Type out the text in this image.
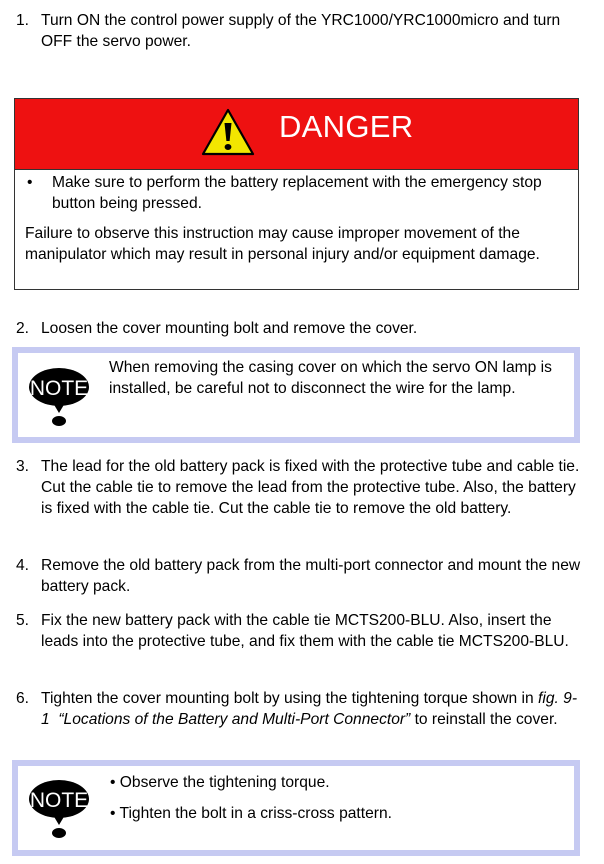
1. Turn ON the control power supply of the YRC1000/YRC1000micro and turn OFF the servo power.
DANGER
• Make sure to perform the battery replacement with the emergency stop button being pressed.
Failure to observe this instruction may cause improper movement of the manipulator which may result in personal injury and/or equipment damage.
2. Loosen the cover mounting bolt and remove the cover.
NOTE
When removing the casing cover on which the servo ON lamp is installed, be careful not to disconnect the wire for the lamp.
3. The lead for the old battery pack is fixed with the protective tube and cable tie. Cut the cable tie to remove the lead from the protective tube. Also, the battery is fixed with the cable tie. Cut the cable tie to remove the old battery.
4. Remove the old battery pack from the multi-port connector and mount the new battery pack.
5. Fix the new battery pack with the cable tie MCTS200-BLU. Also, insert the leads into the protective tube, and fix them with the cable tie MCTS200-BLU.
6. Tighten the cover mounting bolt by using the tightening torque shown in fig. 9-1 “Locations of the Battery and Multi-Port Connector” to reinstall the cover.
NOTE
• Observe the tightening torque.
• Tighten the bolt in a criss-cross pattern.
